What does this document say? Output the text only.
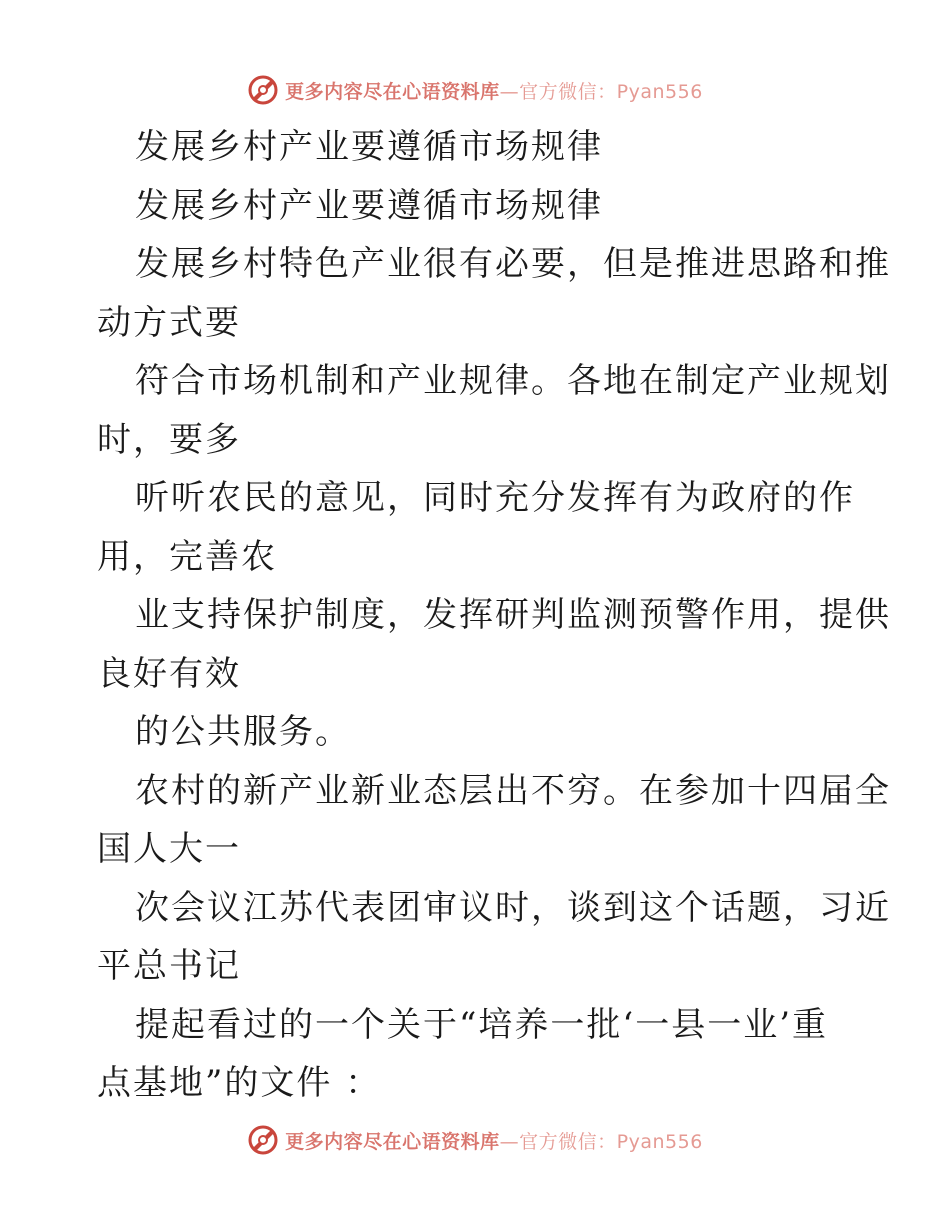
更多内容尽在心语资料库—官方微信：Pyan556
发展乡村产业要遵循市场规律
发展乡村产业要遵循市场规律
发展乡村特色产业很有必要，但是推进思路和推
动方式要
符合市场机制和产业规律。各地在制定产业规划
时，要多
听听农民的意见，同时充分发挥有为政府的作
用，完善农
业支持保护制度，发挥研判监测预警作用，提供
良好有效
的公共服务。
农村的新产业新业态层出不穷。在参加十四届全
国人大一
次会议江苏代表团审议时，谈到这个话题，习近
平总书记
提起看过的一个关于“培养一批‘一县一业’重
点基地”的文件 ：
更多内容尽在心语资料库—官方微信：Pyan556
